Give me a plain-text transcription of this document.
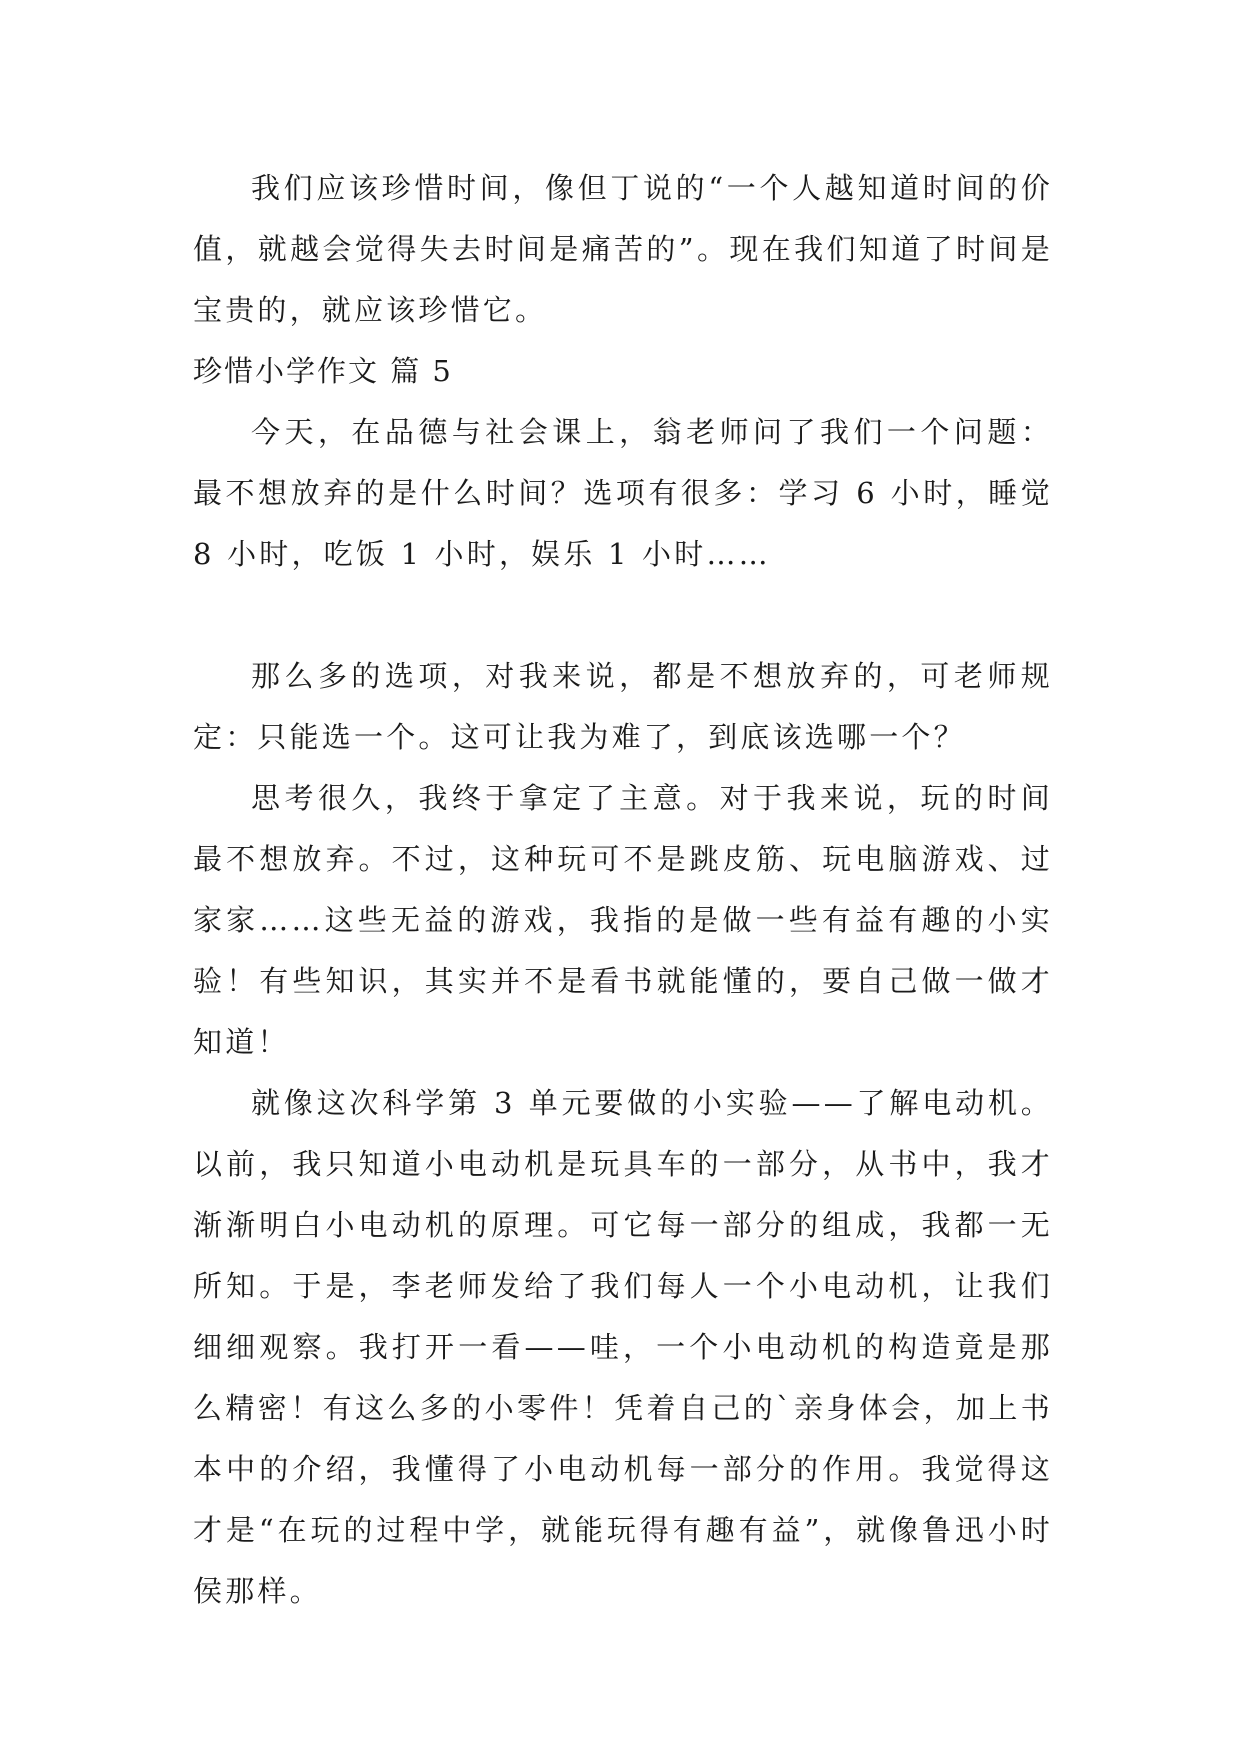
我们应该珍惜时间，像但丁说的“一个人越知道时间的价值，就越会觉得失去时间是痛苦的”。现在我们知道了时间是宝贵的，就应该珍惜它。

珍惜小学作文 篇 5

今天，在品德与社会课上，翁老师问了我们一个问题：最不想放弃的是什么时间？选项有很多：学习 6 小时，睡觉 8 小时，吃饭 1 小时，娱乐 1 小时……

那么多的选项，对我来说，都是不想放弃的，可老师规定：只能选一个。这可让我为难了，到底该选哪一个？

思考很久，我终于拿定了主意。对于我来说，玩的时间最不想放弃。不过，这种玩可不是跳皮筋、玩电脑游戏、过家家……这些无益的游戏，我指的是做一些有益有趣的小实验！有些知识，其实并不是看书就能懂的，要自己做一做才知道！

就像这次科学第 3 单元要做的小实验——了解电动机。以前，我只知道小电动机是玩具车的一部分，从书中，我才渐渐明白小电动机的原理。可它每一部分的组成，我都一无所知。于是，李老师发给了我们每人一个小电动机，让我们细细观察。我打开一看——哇，一个小电动机的构造竟是那么精密！有这么多的小零件！凭着自己的`亲身体会，加上书本中的介绍，我懂得了小电动机每一部分的作用。我觉得这才是“在玩的过程中学，就能玩得有趣有益”，就像鲁迅小时侯那样。
